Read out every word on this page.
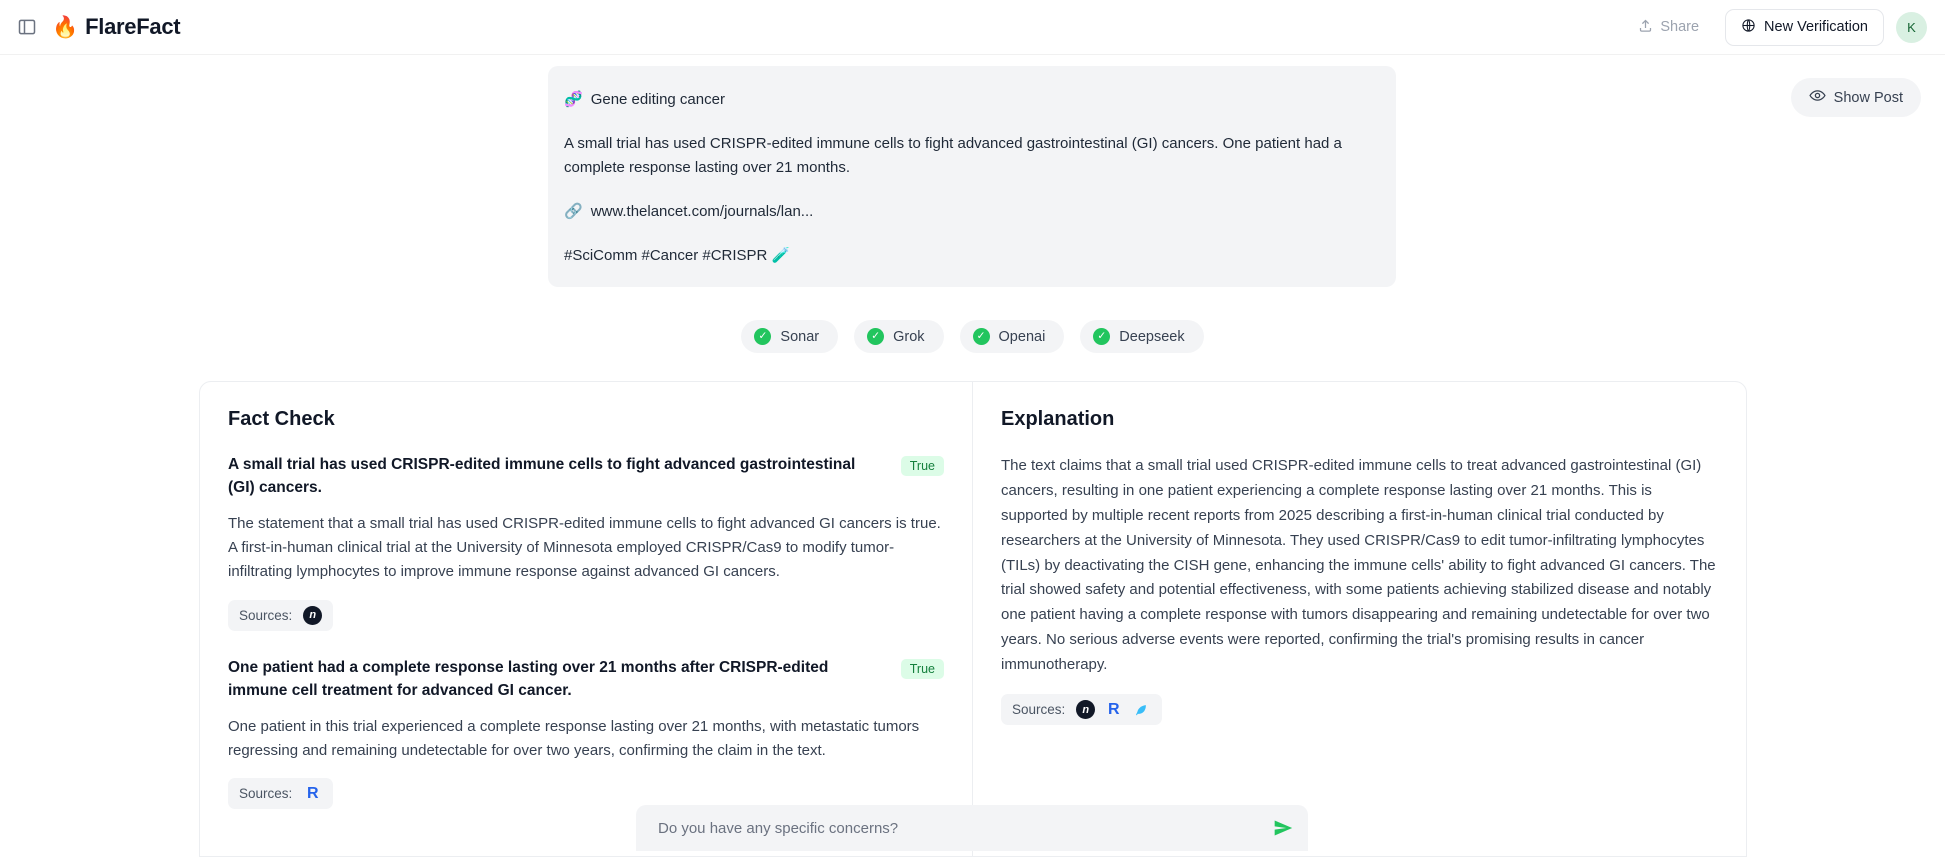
🔥 FlareFact	Share	New Verification	K
Show Post

🧬 Gene editing cancer

A small trial has used CRISPR-edited immune cells to fight advanced gastrointestinal (GI) cancers. One patient had a complete response lasting over 21 months.

🔗 www.thelancet.com/journals/lan...

#SciComm #Cancer #CRISPR 🧪

✓ Sonar	✓ Grok	✓ Openai	✓ Deepseek
Fact Check
A small trial has used CRISPR-edited immune cells to fight advanced gastrointestinal (GI) cancers.
True
The statement that a small trial has used CRISPR-edited immune cells to fight advanced GI cancers is true. A first-in-human clinical trial at the University of Minnesota employed CRISPR/Cas9 to modify tumor-infiltrating lymphocytes to improve immune response against advanced GI cancers.
Sources:	n
One patient had a complete response lasting over 21 months after CRISPR-edited immune cell treatment for advanced GI cancer.
True
One patient in this trial experienced a complete response lasting over 21 months, with metastatic tumors regressing and remaining undetectable for over two years, confirming the claim in the text.
Sources: R
Explanation
The text claims that a small trial used CRISPR-edited immune cells to treat advanced gastrointestinal (GI) cancers, resulting in one patient experiencing a complete response lasting over 21 months. This is supported by multiple recent reports from 2025 describing a first-in-human clinical trial conducted by researchers at the University of Minnesota. They used CRISPR/Cas9 to edit tumor-infiltrating lymphocytes (TILs) by deactivating the CISH gene, enhancing the immune cells' ability to fight advanced GI cancers. The trial showed safety and potential effectiveness, with some patients achieving stabilized disease and notably one patient having a complete response with tumors disappearing and remaining undetectable for over two years. No serious adverse events were reported, confirming the trial's promising results in cancer immunotherapy.
Sources:	n	R
Do you have any specific concerns?
